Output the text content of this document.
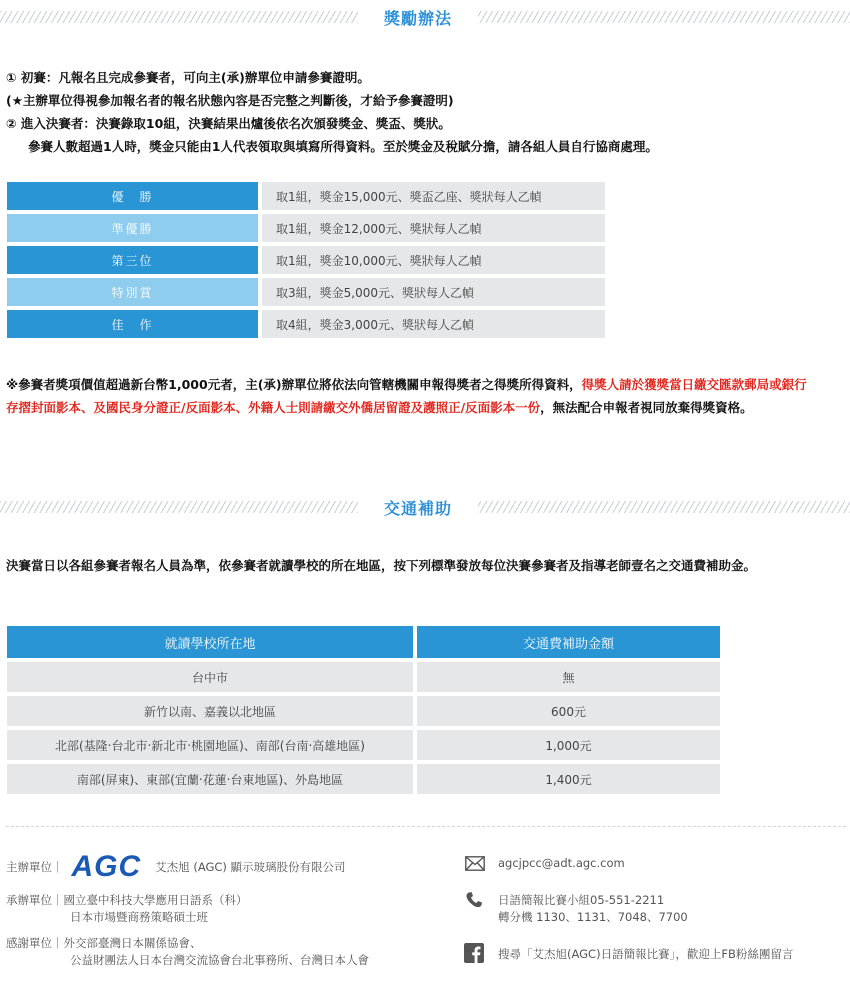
獎勵辦法
① 初賽：凡報名且完成參賽者，可向主(承)辦單位申請參賽證明。
(★主辦單位得視參加報名者的報名狀態內容是否完整之判斷後，才給予參賽證明)
② 進入決賽者：決賽錄取10組，決賽結果出爐後依名次頒發獎金、獎盃、獎狀。
參賽人數超過1人時，獎金只能由1人代表領取與填寫所得資料。至於獎金及稅賦分擔，請各組人員自行協商處理。
優　勝	取1組，獎金15,000元、獎盃乙座、獎狀每人乙幀
準優勝	取1組，獎金12,000元、獎狀每人乙幀
第三位	取1組，獎金10,000元、獎狀每人乙幀
特別賞	取3組，獎金5,000元、獎狀每人乙幀
佳　作	取4組，獎金3,000元、獎狀每人乙幀
※參賽者獎項價值超過新台幣1,000元者，主(承)辦單位將依法向管轄機關申報得獎者之得獎所得資料，得獎人請於獲獎當日繳交匯款郵局或銀行存摺封面影本、及國民身分證正/反面影本、外籍人士則請繳交外僑居留證及護照正/反面影本一份，無法配合申報者視同放棄得獎資格。
交通補助
決賽當日以各組參賽者報名人員為準，依參賽者就讀學校的所在地區，按下列標準發放每位決賽參賽者及指導老師壹名之交通費補助金。
就讀學校所在地	交通費補助金額
台中市	無
新竹以南、嘉義以北地區	600元
北部(基隆‧台北市‧新北市‧桃園地區)、南部(台南‧高雄地區)	1,000元
南部(屏東)、東部(宜蘭‧花蓮‧台東地區)、外島地區	1,400元
主辦單位｜ AGC 艾杰旭 (AGC) 顯示玻璃股份有限公司
承辦單位｜國立臺中科技大學應用日語系（科）
日本市場暨商務策略碩士班
感謝單位｜外交部臺灣日本關係協會、
公益財團法人日本台灣交流協會台北事務所、台灣日本人會
agcjpcc@adt.agc.com
日語簡報比賽小組05-551-2211
轉分機 1130、1131、7048、7700
搜尋「艾杰旭(AGC)日語簡報比賽」，歡迎上FB粉絲團留言
